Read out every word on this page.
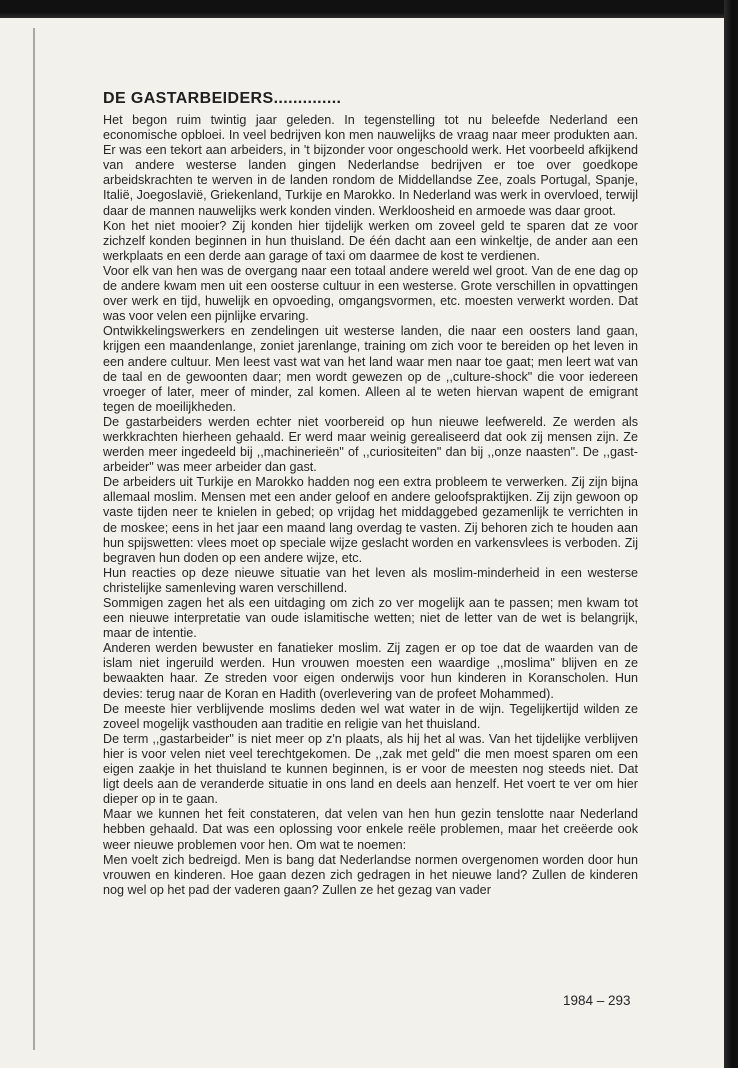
DE GASTARBEIDERS..............

Het begon ruim twintig jaar geleden. In tegenstelling tot nu beleefde Nederland een economische opbloei. In veel bedrijven kon men nauwelijks de vraag naar meer produkten aan. Er was een tekort aan arbeiders, in 't bijzonder voor ongeschoold werk. Het voorbeeld afkijkend van andere westerse landen gingen Nederlandse bedrijven er toe over goedkope arbeidskrachten te werven in de landen rondom de Middellandse Zee, zoals Portugal, Spanje, Italië, Joegoslavië, Griekenland, Turkije en Marokko. In Nederland was werk in overvloed, terwijl daar de mannen nauwelijks werk konden vinden. Werkloosheid en armoede was daar groot.

Kon het niet mooier? Zij konden hier tijdelijk werken om zoveel geld te sparen dat ze voor zichzelf konden beginnen in hun thuisland. De één dacht aan een winkeltje, de ander aan een werkplaats en een derde aan garage of taxi om daarmee de kost te verdienen.

Voor elk van hen was de overgang naar een totaal andere wereld wel groot. Van de ene dag op de andere kwam men uit een oosterse cultuur in een westerse. Grote verschillen in opvattingen over werk en tijd, huwelijk en opvoeding, omgangsvormen, etc. moesten verwerkt worden. Dat was voor velen een pijnlijke ervaring.

Ontwikkelingswerkers en zendelingen uit westerse landen, die naar een oosters land gaan, krijgen een maandenlange, zoniet jarenlange, training om zich voor te bereiden op het leven in een andere cultuur. Men leest vast wat van het land waar men naar toe gaat; men leert wat van de taal en de gewoonten daar; men wordt gewezen op de ,,culture-shock" die voor iedereen vroeger of later, meer of minder, zal komen. Alleen al te weten hiervan wapent de emigrant tegen de moeilijkheden.

De gastarbeiders werden echter niet voorbereid op hun nieuwe leefwereld. Ze werden als werkkrachten hierheen gehaald. Er werd maar weinig gerealiseerd dat ook zij mensen zijn. Ze werden meer ingedeeld bij ,,machinerieën" of ,,curiositeiten" dan bij ,,onze naasten". De ,,gast-arbeider" was meer arbeider dan gast.

De arbeiders uit Turkije en Marokko hadden nog een extra probleem te verwerken. Zij zijn bijna allemaal moslim. Mensen met een ander geloof en andere geloofspraktijken. Zij zijn gewoon op vaste tijden neer te knielen in gebed; op vrijdag het middaggebed gezamenlijk te verrichten in de moskee; eens in het jaar een maand lang overdag te vasten. Zij behoren zich te houden aan hun spijswetten: vlees moet op speciale wijze geslacht worden en varkensvlees is verboden. Zij begraven hun doden op een andere wijze, etc.

Hun reacties op deze nieuwe situatie van het leven als moslim-minderheid in een westerse christelijke samenleving waren verschillend.

Sommigen zagen het als een uitdaging om zich zo ver mogelijk aan te passen; men kwam tot een nieuwe interpretatie van oude islamitische wetten; niet de letter van de wet is belangrijk, maar de intentie.

Anderen werden bewuster en fanatieker moslim. Zij zagen er op toe dat de waarden van de islam niet ingeruild werden. Hun vrouwen moesten een waardige ,,moslima" blijven en ze bewaakten haar. Ze streden voor eigen onderwijs voor hun kinderen in Koranscholen. Hun devies: terug naar de Koran en Hadith (overlevering van de profeet Mohammed).

De meeste hier verblijvende moslims deden wel wat water in de wijn. Tegelijkertijd wilden ze zoveel mogelijk vasthouden aan traditie en religie van het thuisland.

De term ,,gastarbeider" is niet meer op z'n plaats, als hij het al was. Van het tijdelijke verblijven hier is voor velen niet veel terechtgekomen. De ,,zak met geld" die men moest sparen om een eigen zaakje in het thuisland te kunnen beginnen, is er voor de meesten nog steeds niet. Dat ligt deels aan de veranderde situatie in ons land en deels aan henzelf. Het voert te ver om hier dieper op in te gaan.

Maar we kunnen het feit constateren, dat velen van hen hun gezin tenslotte naar Nederland hebben gehaald. Dat was een oplossing voor enkele reële problemen, maar het creëerde ook weer nieuwe problemen voor hen. Om wat te noemen:

Men voelt zich bedreigd. Men is bang dat Nederlandse normen overgenomen worden door hun vrouwen en kinderen. Hoe gaan dezen zich gedragen in het nieuwe land? Zullen de kinderen nog wel op het pad der vaderen gaan? Zullen ze het gezag van vader

1984 – 293
